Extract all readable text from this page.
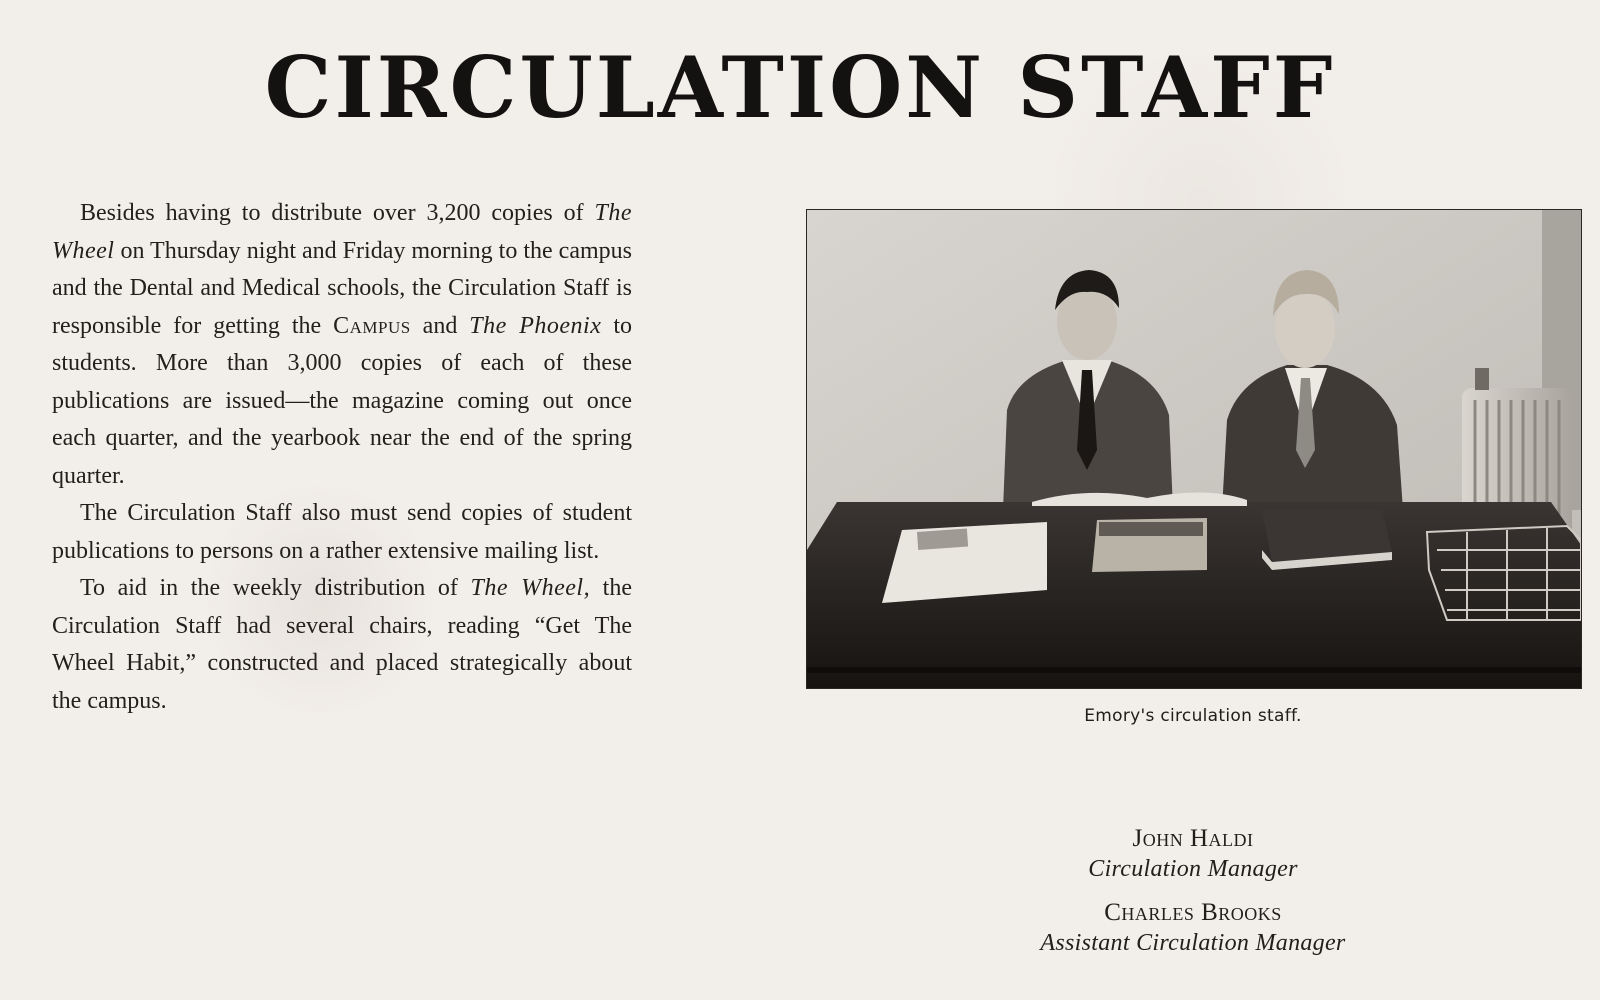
CIRCULATION STAFF

Besides having to distribute over 3,200 copies of The Wheel on Thursday night and Friday morning to the campus and the Dental and Medical schools, the Circulation Staff is responsible for getting the Campus and The Phoenix to students. More than 3,000 copies of each of these publications are issued—the magazine coming out once each quarter, and the yearbook near the end of the spring quarter.

The Circulation Staff also must send copies of student publications to persons on a rather extensive mailing list.

To aid in the weekly distribution of The Wheel, the Circulation Staff had several chairs, reading “Get The Wheel Habit,” constructed and placed strategically about the campus.

Emory's circulation staff.
John Haldi
Circulation Manager
Charles Brooks
Assistant Circulation Manager
